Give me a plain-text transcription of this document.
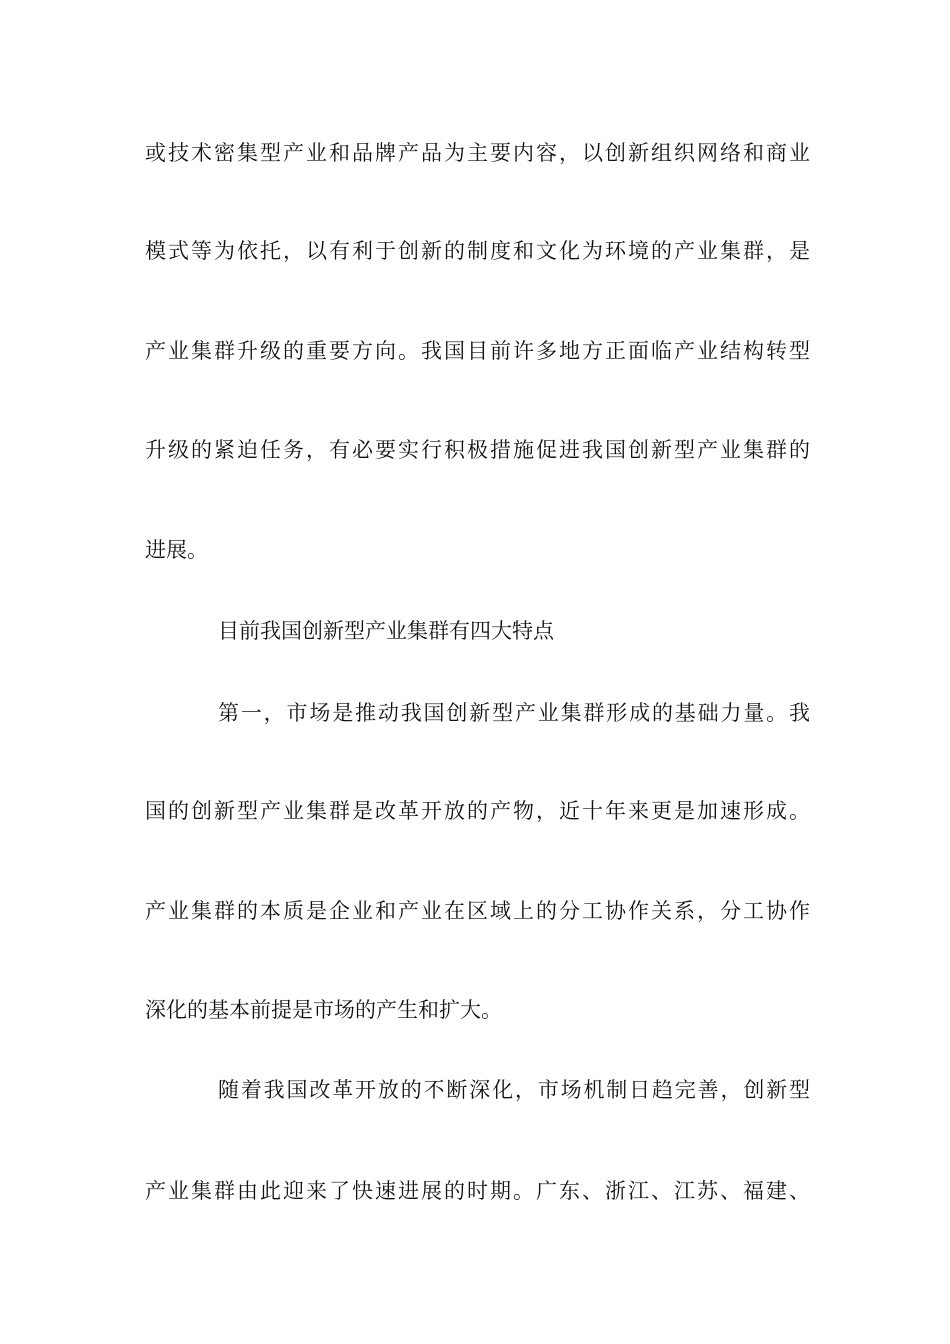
或技术密集型产业和品牌产品为主要内容，以创新组织网络和商业
模式等为依托，以有利于创新的制度和文化为环境的产业集群，是
产业集群升级的重要方向。我国目前许多地方正面临产业结构转型
升级的紧迫任务，有必要实行积极措施促进我国创新型产业集群的
进展。
目前我国创新型产业集群有四大特点
第一，市场是推动我国创新型产业集群形成的基础力量。我
国的创新型产业集群是改革开放的产物，近十年来更是加速形成。
产业集群的本质是企业和产业在区域上的分工协作关系，分工协作
深化的基本前提是市场的产生和扩大。
随着我国改革开放的不断深化，市场机制日趋完善，创新型
产业集群由此迎来了快速进展的时期。广东、浙江、江苏、福建、
